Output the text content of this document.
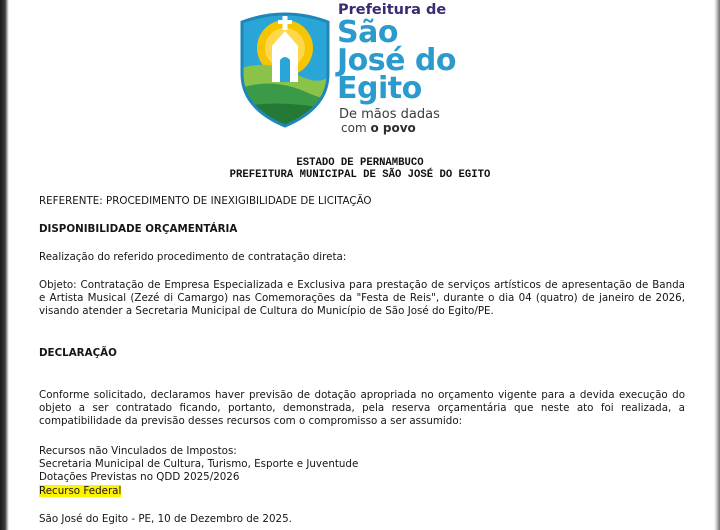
Prefeitura de
São
José do
Egito
De mãos dadas
com o povo
ESTADO DE PERNAMBUCO
PREFEITURA MUNICIPAL DE SÃO JOSÉ DO EGITO
REFERENTE: PROCEDIMENTO DE INEXIGIBILIDADE DE LICITAÇÃO
DISPONIBILIDADE ORÇAMENTÁRIA
Realização do referido procedimento de contratação direta:
Objeto: Contratação de Empresa Especializada e Exclusiva para prestação de serviços artísticos de apresentação de Banda e Artista Musical (Zezé di Camargo) nas Comemorações da "Festa de Reis", durante o dia 04 (quatro) de janeiro de 2026, visando atender a Secretaria Municipal de Cultura do Município de São José do Egito/PE.
DECLARAÇÃO
Conforme solicitado, declaramos haver previsão de dotação apropriada no orçamento vigente para a devida execução do objeto a ser contratado ficando, portanto, demonstrada, pela reserva orçamentária que neste ato foi realizada, a compatibilidade da previsão desses recursos com o compromisso a ser assumido:
Recursos não Vinculados de Impostos:
Secretaria Municipal de Cultura, Turismo, Esporte e Juventude
Dotações Previstas no QDD 2025/2026
Recurso Federal
São José do Egito - PE, 10 de Dezembro de 2025.
